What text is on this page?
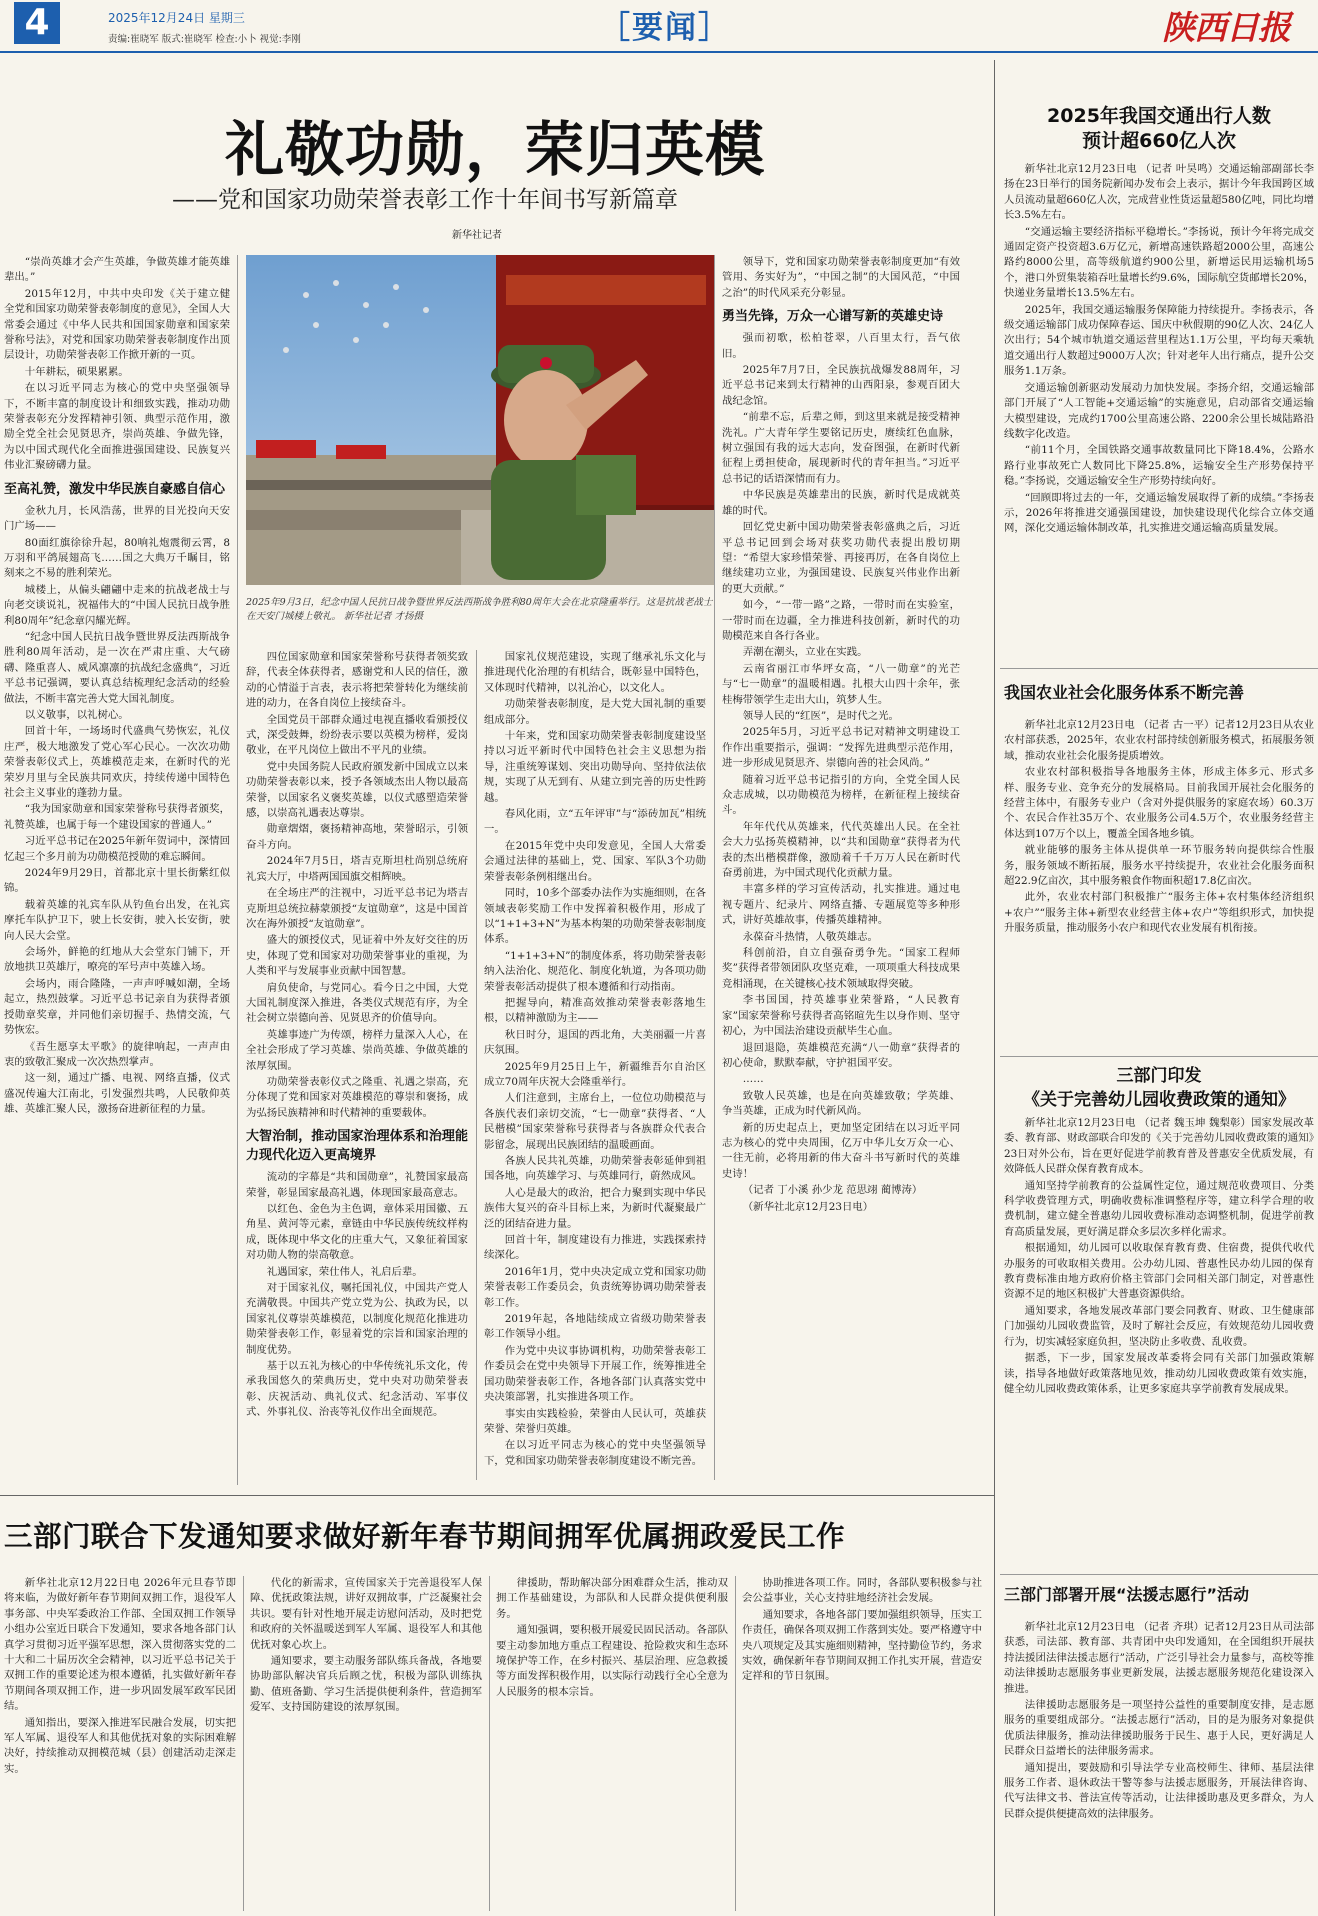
4	2025年12月24日 星期三
责编:崔晓军 版式:崔晓军 检查:小卜 视觉:李刚	［要闻］	陕西日报
礼敬功勋，荣归英模
——党和国家功勋荣誉表彰工作十年间书写新篇章
新华社记者
2025年9月3日，纪念中国人民抗日战争暨世界反法西斯战争胜利80周年大会在北京隆重举行。这是抗战老战士在天安门城楼上敬礼。 新华社记者 才扬摄

“崇尚英雄才会产生英雄，争做英雄才能英雄辈出。”

2015年12月，中共中央印发《关于建立健全党和国家功勋荣誉表彰制度的意见》，全国人大常委会通过《中华人民共和国国家勋章和国家荣誉称号法》，对党和国家功勋荣誉表彰制度作出顶层设计，功勋荣誉表彰工作掀开新的一页。

十年耕耘，硕果累累。

在以习近平同志为核心的党中央坚强领导下，不断丰富的制度设计和细致实践，推动功勋荣誉表彰充分发挥精神引领、典型示范作用，激励全党全社会见贤思齐，崇尚英雄、争做先锋，为以中国式现代化全面推进强国建设、民族复兴伟业汇聚磅礴力量。

至高礼赞，激发中华民族自豪感自信心

金秋九月，长风浩荡，世界的目光投向天安门广场——

80面红旗徐徐升起，80响礼炮震彻云霄，8万羽和平鸽展翅高飞……国之大典万千瞩目，铭刻来之不易的胜利荣光。

城楼上，从偏头翩翩中走来的抗战老战士与向老交谈说礼，祝福伟大的“中国人民抗日战争胜利80周年”纪念章闪耀光辉。

“纪念中国人民抗日战争暨世界反法西斯战争胜利80周年活动，是一次在严肃庄重、大气磅礴、隆重喜人、威风凛凛的抗战纪念盛典”，习近平总书记强调，要认真总结梳理纪念活动的经验做法，不断丰富完善大党大国礼制度。

以义敬事，以礼树心。

回首十年，一场场时代盛典气势恢宏，礼仪庄严，极大地激发了党心军心民心。一次次功勋荣誉表彰仪式上，英雄模范走来，在新时代的光荣岁月里与全民族共同欢庆，持续传递中国特色社会主义事业的蓬勃力量。

“我为国家勋章和国家荣誉称号获得者颁奖，礼赞英雄，也属于每一个建设国家的普通人。”

习近平总书记在2025年新年贺词中，深情回忆起三个多月前为功勋模范授勋的难忘瞬间。

2024年9月29日，首都北京十里长街紫红似锦。

载着英雄的礼宾车队从钓鱼台出发，在礼宾摩托车队护卫下，驶上长安街，驶入长安街，驶向人民大会堂。

会场外，鲜艳的红地从大会堂东门铺下，开放地拱卫英雄厅，嘹亮的军号声中英雄入场。

会场内，雨合隆隆，一声声呼喊如潮，全场起立，热烈鼓掌。习近平总书记亲自为获得者颁授勋章奖章，并同他们亲切握手、热情交流，气势恢宏。

《吾生愿享太平歌》的旋律响起，一声声由衷的致敬汇聚成一次次热烈掌声。

这一刻，通过广播、电视、网络直播，仪式盛况传遍大江南北，引发强烈共鸣，人民敬仰英雄、英雄汇聚人民，激扬奋进新征程的力量。

四位国家勋章和国家荣誉称号获得者领奖致辞，代表全体获得者，感谢党和人民的信任，激动的心情溢于言表，表示将把荣誉转化为继续前进的动力，在各自岗位上接续奋斗。

全国党员干部群众通过电视直播收看颁授仪式，深受鼓舞，纷纷表示要以英模为榜样，爱岗敬业，在平凡岗位上做出不平凡的业绩。

党中央国务院人民政府颁发新中国成立以来功勋荣誉表彰以来，授予各领域杰出人物以最高荣誉，以国家名义褒奖英雄，以仪式感塑造荣誉感，以崇高礼遇表达尊崇。

勋章熠熠，褒扬精神高地，荣誉昭示，引领奋斗方向。

2024年7月5日，塔吉克斯坦杜尚别总统府礼宾大厅，中塔两国国旗交相辉映。

在全场庄严的注视中，习近平总书记为塔吉克斯坦总统拉赫蒙颁授“友谊勋章”，这是中国首次在海外颁授“友谊勋章”。

盛大的颁授仪式，见证着中外友好交往的历史，体现了党和国家对功勋荣誉事业的重视，为人类和平与发展事业贡献中国智慧。

肩负使命，与党同心。看今日之中国，大党大国礼制度深入推进，各类仪式规范有序，为全社会树立崇德向善、见贤思齐的价值导向。

英雄事迹广为传颂，榜样力量深入人心，在全社会形成了学习英雄、崇尚英雄、争做英雄的浓厚氛围。

功勋荣誉表彰仪式之隆重、礼遇之崇高，充分体现了党和国家对英雄模范的尊崇和褒扬，成为弘扬民族精神和时代精神的重要载体。

大智治制，推动国家治理体系和治理能力现代化迈入更高境界

流动的字幕是“共和国勋章”，礼赞国家最高荣誉，彰显国家最高礼遇，体现国家最高意志。

以红色、金色为主色调，章体采用国徽、五角星、黄河等元素，章链由中华民族传统纹样构成，既体现中华文化的庄重大气，又象征着国家对功勋人物的崇高敬意。

礼遇国家，荣仕伟人，礼启后辈。

对于国家礼仪，嘱托国礼仪，中国共产党人充满敬畏。中国共产党立党为公、执政为民，以国家礼仪尊崇英雄模范，以制度化规范化推进功勋荣誉表彰工作，彰显着党的宗旨和国家治理的制度优势。

基于以五礼为核心的中华传统礼乐文化，传承我国悠久的荣典历史，党中央对功勋荣誉表彰、庆祝活动、典礼仪式、纪念活动、军事仪式、外事礼仪、治丧等礼仪作出全面规范。

国家礼仪规范建设，实现了继承礼乐文化与推进现代化治理的有机结合，既彰显中国特色，又体现时代精神，以礼治心，以文化人。

功勋荣誉表彰制度，是大党大国礼制的重要组成部分。

十年来，党和国家功勋荣誉表彰制度建设坚持以习近平新时代中国特色社会主义思想为指导，注重统筹谋划、突出功勋导向、坚持依法依规，实现了从无到有、从建立到完善的历史性跨越。

春风化雨，立“五年评审”与“添砖加瓦”相统一。

在2015年党中央印发意见，全国人大常委会通过法律的基础上，党、国家、军队3个功勋荣誉表彰条例相继出台。

同时，10多个部委办法作为实施细则，在各领域表彰奖励工作中发挥着积极作用，形成了以“1+1+3+N”为基本构架的功勋荣誉表彰制度体系。

“1+1+3+N”的制度体系，将功勋荣誉表彰纳入法治化、规范化、制度化轨道，为各项功勋荣誉表彰活动提供了根本遵循和行动指南。

把握导向，精准高效推动荣誉表彰落地生根，以精神激励为主——

秋日时分，退国的西北角，大美丽疆一片喜庆氛围。

2025年9月25日上午，新疆维吾尔自治区成立70周年庆祝大会隆重举行。

人们注意到，主席台上，一位位功勋模范与各族代表们亲切交流，“七一勋章”获得者、“人民楷模”国家荣誉称号获得者与各族群众代表合影留念，展现出民族团结的温暖画面。

各族人民共礼英雄，功勋荣誉表彰延伸到祖国各地，向英雄学习、与英雄同行，蔚然成风。

人心是最大的政治，把合力聚到实现中华民族伟大复兴的奋斗目标上来，为新时代凝聚最广泛的团结奋进力量。

回首十年，制度建设有力推进，实践探索持续深化。

2016年1月，党中央决定成立党和国家功勋荣誉表彰工作委员会，负责统筹协调功勋荣誉表彰工作。

2019年起，各地陆续成立省级功勋荣誉表彰工作领导小组。

作为党中央议事协调机构，功勋荣誉表彰工作委员会在党中央领导下开展工作，统筹推进全国功勋荣誉表彰工作，各地各部门认真落实党中央决策部署，扎实推进各项工作。

事实由实践检验，荣誉由人民认可，英雄获荣誉、荣誉归英雄。

在以习近平同志为核心的党中央坚强领导下，党和国家功勋荣誉表彰制度建设不断完善。

领导下，党和国家功勋荣誉表彰制度更加“有效管用、务实好为”，“中国之制”的大国风范，“中国之治”的时代风采充分彰显。

勇当先锋，万众一心谱写新的英雄史诗

强而初歌，松柏苍翠，八百里太行，吾气依旧。

2025年7月7日，全民族抗战爆发88周年，习近平总书记来到太行精神的山西阳泉，参观百团大战纪念馆。

“前辈不忘，后辈之师，到这里来就是接受精神洗礼。广大青年学生要铭记历史，赓续红色血脉，树立强国有我的远大志向，发奋图强，在新时代新征程上勇担使命，展现新时代的青年担当。”习近平总书记的话语深情而有力。

中华民族是英雄辈出的民族，新时代是成就英雄的时代。

回忆党史新中国功勋荣誉表彰盛典之后，习近平总书记回到会场对获奖功勋代表提出殷切期望：“希望大家珍惜荣誉、再接再厉，在各自岗位上继续建功立业，为强国建设、民族复兴伟业作出新的更大贡献。”

如今，“一带一路”之路，一带时而在实验室，一带时而在边疆，全力推进科技创新，新时代的功勋模范来自各行各业。

弄潮在潮头，立业在实践。

云南省丽江市华坪女高，“八一勋章”的光芒与“七一勋章”的温暖相遇。扎根大山四十余年，张桂梅带领学生走出大山，筑梦人生。

领导人民的“红医”，是时代之光。

2025年5月，习近平总书记对精神文明建设工作作出重要指示，强调：“发挥先进典型示范作用，进一步形成见贤思齐、崇德向善的社会风尚。”

随着习近平总书记指引的方向，全党全国人民众志成城，以功勋模范为榜样，在新征程上接续奋斗。

年年代代从英雄来，代代英雄出人民。在全社会大力弘扬英模精神，以“共和国勋章”获得者为代表的杰出楷模群像，激励着千千万万人民在新时代奋勇前进，为中国式现代化贡献力量。

丰富多样的学习宣传活动，扎实推进。通过电视专题片、纪录片、网络直播、专题展览等多种形式，讲好英雄故事，传播英雄精神。

永葆奋斗热情，人敬英雄志。

科创前沿，自立自强奋勇争先。“国家工程师奖”获得者带领团队攻坚克难，一项项重大科技成果竞相涌现，在关键核心技术领域取得突破。

李书国国，持英雄事业荣誉路，“人民教育家”国家荣誉称号获得者高铭暄先生以身作则、坚守初心，为中国法治建设贡献毕生心血。

退回退隐，英雄模范充满“八一勋章”获得者的初心使命，默默奉献，守护祖国平安。

……

致敬人民英雄，也是在向英雄致敬；学英雄、争当英雄，正成为时代新风尚。

新的历史起点上，更加坚定团结在以习近平同志为核心的党中央周围，亿万中华儿女万众一心、一往无前，必将用新的伟大奋斗书写新时代的英雄史诗！

（记者 丁小溪 孙少龙 范思翊 蔺博涛）

（新华社北京12月23日电）

2025年我国交通出行人数
预计超660亿人次

新华社北京12月23日电 （记者 叶昊鸣）交通运输部副部长李扬在23日举行的国务院新闻办发布会上表示，据计今年我国跨区域人员流动量超660亿人次，完成营业性货运量超580亿吨，同比均增长3.5%左右。

“交通运输主要经济指标平稳增长。”李扬说，预计今年将完成交通固定资产投资超3.6万亿元，新增高速铁路超2000公里，高速公路约8000公里，高等级航道约900公里，新增运民用运输机场5个，港口外贸集装箱吞吐量增长约9.6%，国际航空货邮增长20%，快递业务量增长13.5%左右。

2025年，我国交通运输服务保障能力持续提升。李扬表示，各级交通运输部门成功保障春运、国庆中秋假期的90亿人次、24亿人次出行；54个城市轨道交通运营里程达1.1万公里，平均每天乘轨道交通出行人数超过9000万人次；针对老年人出行痛点，提升公交服务1.1万条。

交通运输创新驱动发展动力加快发展。李扬介绍，交通运输部部门开展了“人工智能+交通运输”的实施意见，启动部省交通运输大模型建设，完成约1700公里高速公路、2200余公里长城陆路沿线数字化改造。

“前11个月，全国铁路交通事故数量同比下降18.4%，公路水路行业事故死亡人数同比下降25.8%，运输安全生产形势保持平稳。”李扬说，交通运输安全生产形势持续向好。

“回顾即将过去的一年，交通运输发展取得了新的成绩。”李扬表示，2026年将推进交通强国建设，加快建设现代化综合立体交通网，深化交通运输体制改革，扎实推进交通运输高质量发展。

我国农业社会化服务体系不断完善

新华社北京12月23日电 （记者 古一平）记者12月23日从农业农村部获悉，2025年，农业农村部持续创新服务模式，拓展服务领域，推动农业社会化服务提质增效。

农业农村部积极指导各地服务主体，形成主体多元、形式多样、服务专业、竞争充分的发展格局。目前我国开展社会化服务的经营主体中，有服务专业户（含对外提供服务的家庭农场）60.3万个、农民合作社35万个、农业服务公司4.5万个，农业服务经营主体达到107万个以上，覆盖全国各地乡镇。

就业能够的服务主体从提供单一环节服务转向提供综合性服务，服务领域不断拓展，服务水平持续提升，农业社会化服务面积超22.9亿亩次，其中服务粮食作物面积超17.8亿亩次。

此外，农业农村部门积极推广“服务主体+农村集体经济组织+农户”“服务主体+新型农业经营主体+农户”等组织形式，加快提升服务质量，推动服务小农户和现代农业发展有机衔接。

三部门印发
《关于完善幼儿园收费政策的通知》

新华社北京12月23日电 （记者 魏玉坤 魏梨彰）国家发展改革委、教育部、财政部联合印发的《关于完善幼儿园收费政策的通知》23日对外公布，旨在更好促进学前教育普及普惠安全优质发展，有效降低人民群众保育教育成本。

通知坚持学前教育的公益属性定位，通过规范收费项目、分类科学收费管理方式，明确收费标准调整程序等，建立科学合理的收费机制，建立健全普惠幼儿园收费标准动态调整机制，促进学前教育高质量发展，更好满足群众多层次多样化需求。

根据通知，幼儿园可以收取保育教育费、住宿费，提供代收代办服务的可收取相关费用。公办幼儿园、普惠性民办幼儿园的保育教育费标准由地方政府价格主管部门会同相关部门制定，对普惠性资源不足的地区积极扩大普惠资源供给。

通知要求，各地发展改革部门要会同教育、财政、卫生健康部门加强幼儿园收费监管，及时了解社会反应，有效规范幼儿园收费行为，切实减轻家庭负担，坚决防止多收费、乱收费。

据悉，下一步，国家发展改革委将会同有关部门加强政策解读，指导各地做好政策落地见效，推动幼儿园收费政策有效实施，健全幼儿园收费政策体系，让更多家庭共享学前教育发展成果。

三部门部署开展“法援志愿行”活动

新华社北京12月23日电 （记者 齐琪）记者12月23日从司法部获悉，司法部、教育部、共青团中央印发通知，在全国组织开展扶持法援团法律法援志愿行”活动，广泛引导社会力量参与，高校等推动法律援助志愿服务事业更新发展，法援志愿服务规范化建设深入推进。

法律援助志愿服务是一项坚持公益性的重要制度安排，是志愿服务的重要组成部分。“法援志愿行”活动，目的是为服务对象提供优质法律服务，推动法律援助服务于民生、惠于人民，更好满足人民群众日益增长的法律服务需求。

通知提出，要鼓励和引导法学专业高校师生、律师、基层法律服务工作者、退休政法干警等参与法援志愿服务，开展法律咨询、代写法律文书、普法宣传等活动，让法律援助惠及更多群众，为人民群众提供便捷高效的法律服务。

三部门联合下发通知要求做好新年春节期间拥军优属拥政爱民工作

新华社北京12月22日电 2026年元旦春节即将来临，为做好新年春节期间双拥工作，退役军人事务部、中央军委政治工作部、全国双拥工作领导小组办公室近日联合下发通知，要求各地各部门认真学习贯彻习近平强军思想，深入贯彻落实党的二十大和二十届历次全会精神，以习近平总书记关于双拥工作的重要论述为根本遵循，扎实做好新年春节期间各项双拥工作，进一步巩固发展军政军民团结。

通知指出，要深入推进军民融合发展，切实把军人军属、退役军人和其他优抚对象的实际困难解决好，持续推动双拥模范城（县）创建活动走深走实。

代化的新需求，宣传国家关于完善退役军人保障、优抚政策法规，讲好双拥故事，广泛凝聚社会共识。要有针对性地开展走访慰问活动，及时把党和政府的关怀温暖送到军人军属、退役军人和其他优抚对象心坎上。

通知要求，要主动服务部队练兵备战，各地要协助部队解决官兵后顾之忧，积极为部队训练执勤、值班备勤、学习生活提供便利条件，营造拥军爱军、支持国防建设的浓厚氛围。

律援助，帮助解决部分困难群众生活，推动双拥工作基础建设，为部队和人民群众提供便利服务。

通知强调，要积极开展爱民固民活动。各部队要主动参加地方重点工程建设、抢险救灾和生态环境保护等工作，在乡村振兴、基层治理、应急救援等方面发挥积极作用，以实际行动践行全心全意为人民服务的根本宗旨。

协助推进各项工作。同时，各部队要积极参与社会公益事业，关心支持驻地经济社会发展。

通知要求，各地各部门要加强组织领导，压实工作责任，确保各项双拥工作落到实处。要严格遵守中央八项规定及其实施细则精神，坚持勤俭节约，务求实效，确保新年春节期间双拥工作扎实开展，营造安定祥和的节日氛围。
